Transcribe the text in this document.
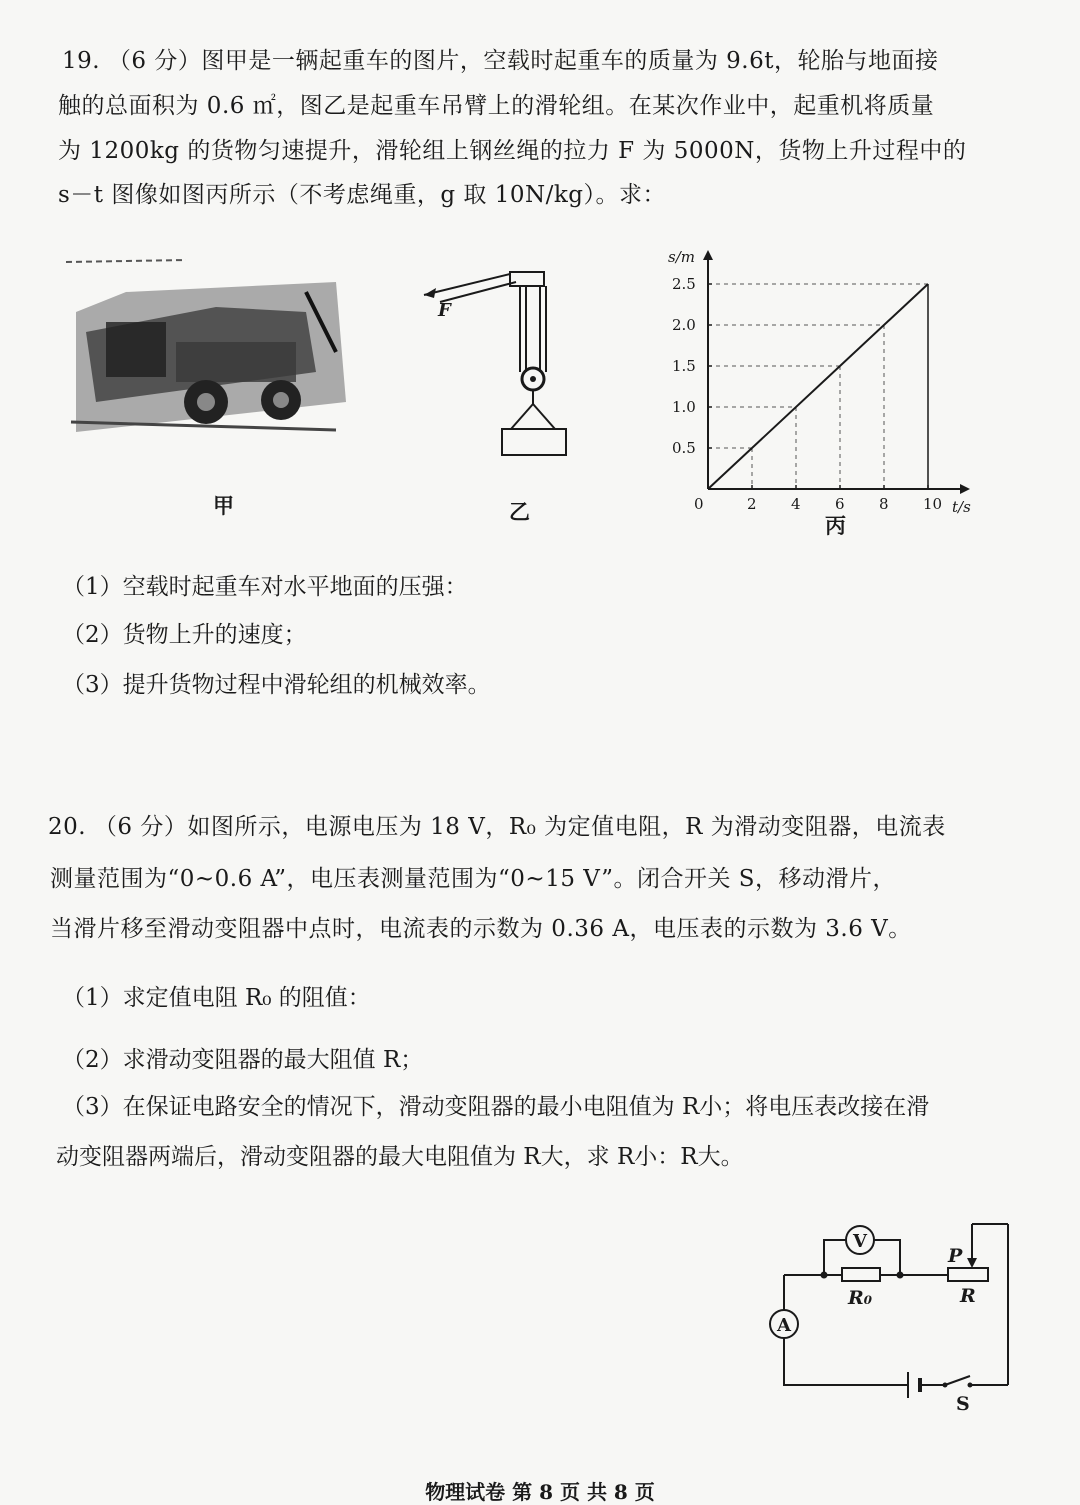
19. （6 分）图甲是一辆起重车的图片，空载时起重车的质量为 9.6t，轮胎与地面接
触的总面积为 0.6 ㎡，图乙是起重车吊臂上的滑轮组。在某次作业中，起重机将质量
为 1200kg 的货物匀速提升，滑轮组上钢丝绳的拉力 F 为 5000N，货物上升过程中的
s－t 图像如图丙所示（不考虑绳重，g 取 10N/kg）。求：
甲
F
乙	0	2 4 6 8 10
0.5
1.0
1.5
2.0
2.5
s/m
t/s
丙
（1）空载时起重车对水平地面的压强：
（2）货物上升的速度；
（3）提升货物过程中滑轮组的机械效率。
20. （6 分）如图所示，电源电压为 18 V，R₀ 为定值电阻，R 为滑动变阻器，电流表
测量范围为“0~0.6 A”，电压表测量范围为“0~15 V”。闭合开关 S，移动滑片，
当滑片移至滑动变阻器中点时，电流表的示数为 0.36 A，电压表的示数为 3.6 V。
（1）求定值电阻 R₀ 的阻值：
（2）求滑动变阻器的最大阻值 R；
（3）在保证电路安全的情况下，滑动变阻器的最小电阻值为 R小；将电压表改接在滑
动变阻器两端后，滑动变阻器的最大电阻值为 R大，求 R小：R大。
V
A
R₀	R
P
S
物理试卷 第 8 页 共 8 页
